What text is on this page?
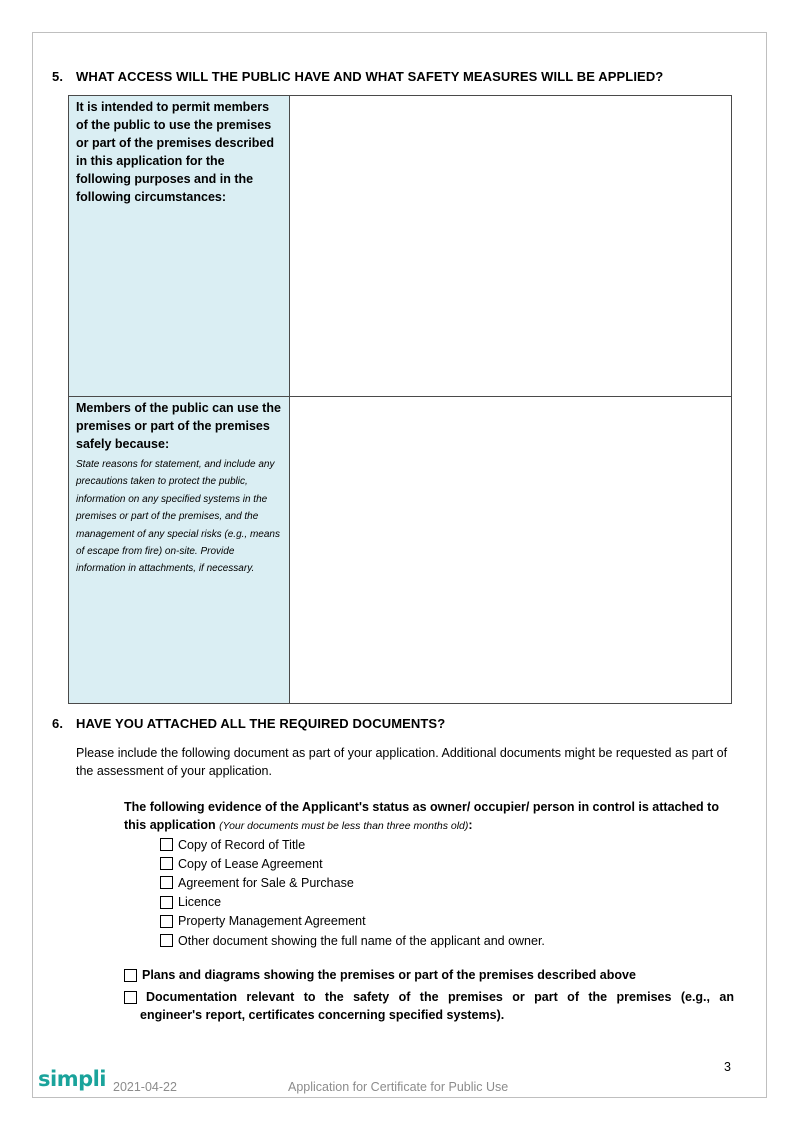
5. WHAT ACCESS WILL THE PUBLIC HAVE AND WHAT SAFETY MEASURES WILL BE APPLIED?
It is intended to permit members of the public to use the premises or part of the premises described in this application for the following purposes and in the following circumstances:	

Members of the public can use the premises or part of the premises safely because:
State reasons for statement, and include any precautions taken to protect the public, information on any specified systems in the premises or part of the premises, and the management of any special risks (e.g., means of escape from fire) on-site. Provide information in attachments, if necessary.	

6. HAVE YOU ATTACHED ALL THE REQUIRED DOCUMENTS?
Please include the following document as part of your application. Additional documents might be requested as part of the assessment of your application.
The following evidence of the Applicant's status as owner/ occupier/ person in control is attached to this application (Your documents must be less than three months old):
Copy of Record of Title
Copy of Lease Agreement
Agreement for Sale & Purchase
Licence
Property Management Agreement
Other document showing the full name of the applicant and owner.
Plans and diagrams showing the premises or part of the premises described above
Documentation relevant to the safety of the premises or part of the premises (e.g., an
engineer's report, certificates concerning specified systems).
3
simpli 2021-04-22	Application for Certificate for Public Use
